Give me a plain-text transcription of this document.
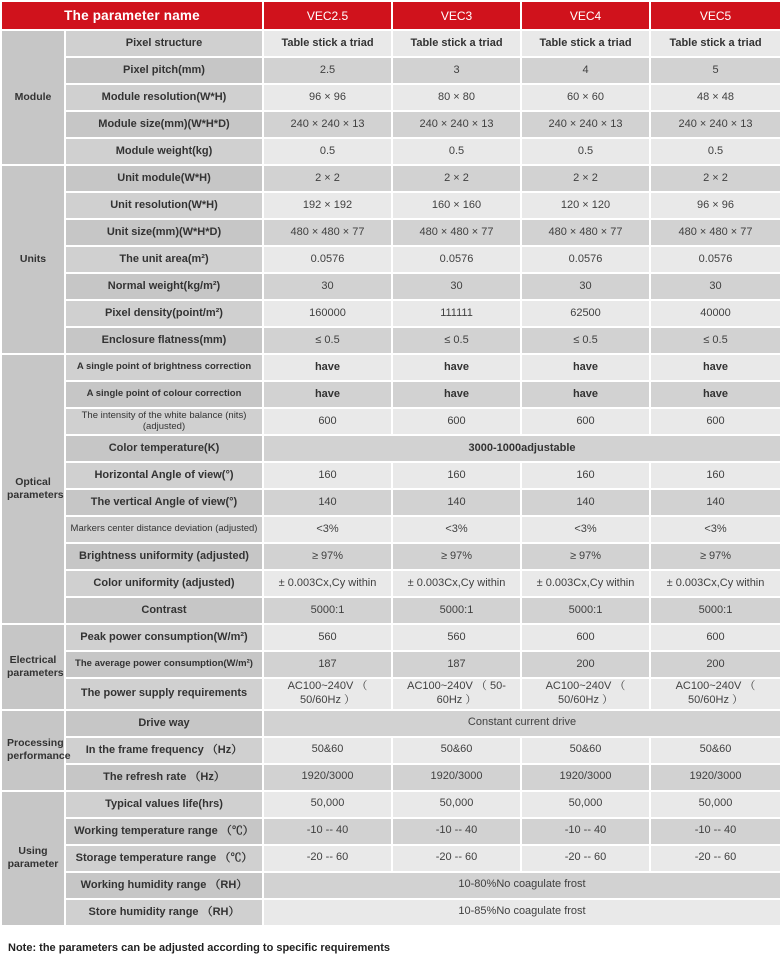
The parameter name		VEC2.5	VEC3	VEC4	VEC5
Module	Pixel structure	Table stick a triad	Table stick a triad	Table stick a triad	Table stick a triad
	Pixel pitch(mm)	2.5	3	4	5
	Module resolution(W*H)	96 × 96	80 × 80	60 × 60	48 × 48
	Module size(mm)(W*H*D)	240 × 240 × 13	240 × 240 × 13	240 × 240 × 13	240 × 240 × 13
	Module weight(kg)	0.5	0.5	0.5	0.5
Units	Unit module(W*H)	2 × 2	2 × 2	2 × 2	2 × 2
	Unit resolution(W*H)	192 × 192	160 × 160	120 × 120	96 × 96
	Unit size(mm)(W*H*D)	480 × 480 × 77	480 × 480 × 77	480 × 480 × 77	480 × 480 × 77
	The unit area(m²)	0.0576	0.0576	0.0576	0.0576
	Normal weight(kg/m²)	30	30	30	30
	Pixel density(point/m²)	160000	111111	62500	40000
	Enclosure flatness(mm)	≤ 0.5	≤ 0.5	≤ 0.5	≤ 0.5
Optical parameters	A single point of brightness correction	have	have	have	have
	A single point of colour correction	have	have	have	have
	The intensity of the white balance (nits) (adjusted)	600	600	600	600
	Color temperature(K)	3000-1000adjustable			
	Horizontal Angle of view(°)	160	160	160	160
	The vertical Angle of view(°)	140	140	140	140
	Markers center distance deviation (adjusted)	<3%	<3%	<3%	<3%
	Brightness uniformity (adjusted)	≥ 97%	≥ 97%	≥ 97%	≥ 97%
	Color uniformity (adjusted)	± 0.003Cx,Cy within	± 0.003Cx,Cy within	± 0.003Cx,Cy within	± 0.003Cx,Cy within
	Contrast	5000:1	5000:1	5000:1	5000:1
Electrical parameters	Peak power consumption(W/m²)	560	560	600	600
	The average power consumption(W/m²)	187	187	200	200
	The power supply requirements	AC100~240V （ 50/60Hz ）	AC100~240V （ 50-60Hz ）	AC100~240V （ 50/60Hz ）	AC100~240V （ 50/60Hz ）
Processing performance	Drive way	Constant current drive			
	In the frame frequency （Hz）	50&60	50&60	50&60	50&60
	The refresh rate （Hz）	1920/3000	1920/3000	1920/3000	1920/3000
Using parameter	Typical values life(hrs)	50,000	50,000	50,000	50,000
	Working temperature range （℃）	-10 -- 40	-10 -- 40	-10 -- 40	-10 -- 40
	Storage temperature range （℃）	-20 -- 60	-20 -- 60	-20 -- 60	-20 -- 60
	Working humidity range （RH）	10-80%No coagulate frost			
	Store humidity range （RH）	10-85%No coagulate frost			
Note: the parameters can be adjusted according to specific requirements
